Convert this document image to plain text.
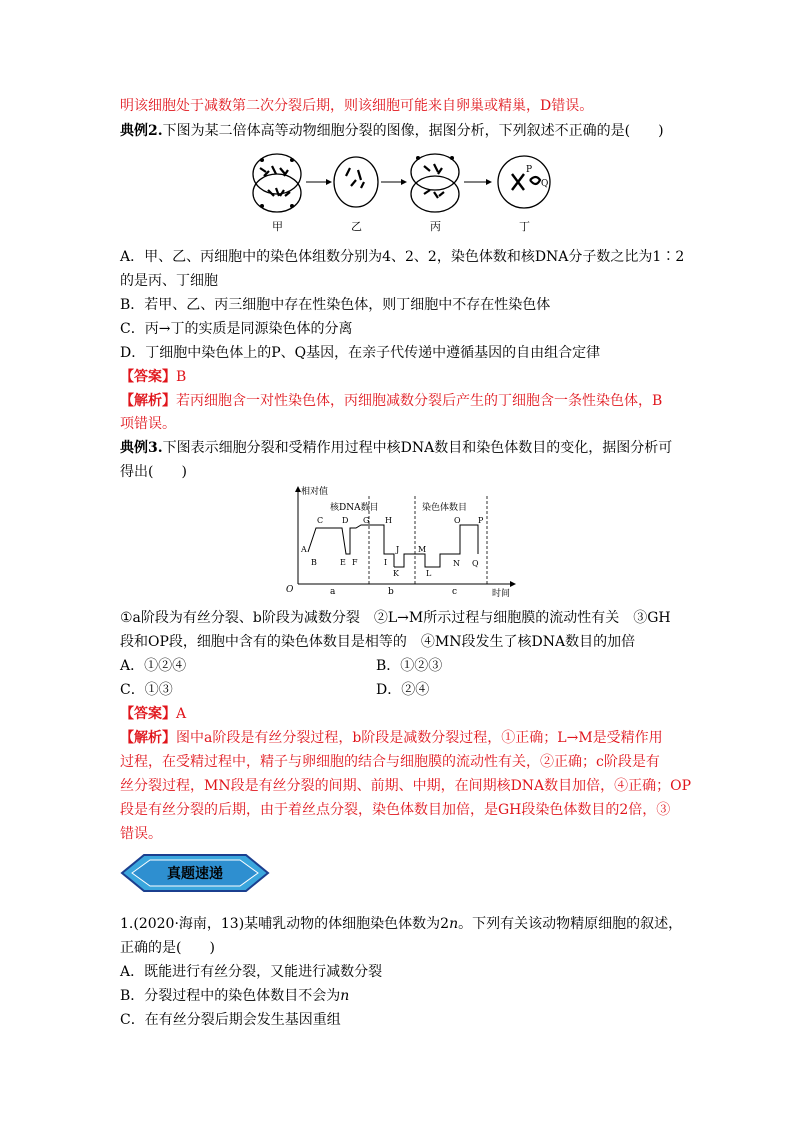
明该细胞处于减数第二次分裂后期，则该细胞可能来自卵巢或精巢，D错误。
典例2.下图为某二倍体高等动物细胞分裂的图像，据图分析，下列叙述不正确的是(　　)
甲	乙	丙
P
Q
丁
A．甲、乙、丙细胞中的染色体组数分别为4、2、2，染色体数和核DNA分子数之比为1∶2
的是丙、丁细胞
B．若甲、乙、丙三细胞中存在性染色体，则丁细胞中不存在性染色体
C．丙→丁的实质是同源染色体的分离
D．丁细胞中染色体上的P、Q基因，在亲子代传递中遵循基因的自由组合定律
【答案】B
【解析】若丙细胞含一对性染色体，丙细胞减数分裂后产生的丁细胞含一条性染色体，B
项错误。
典例3.下图表示细胞分裂和受精作用过程中核DNA数目和染色体数目的变化，据图分析可
得出(　　)
O
相对值
时间
核DNA数目	染色体数目
a	b	c
A
B
C D
E F
G H
I
J
K	L
M
N
O P
Q
①a阶段为有丝分裂、b阶段为减数分裂　②L→M所示过程与细胞膜的流动性有关　③GH
段和OP段，细胞中含有的染色体数目是相等的　④MN段发生了核DNA数目的加倍
A．①②④	B．①②③
C．①③	D．②④
【答案】A
【解析】图中a阶段是有丝分裂过程，b阶段是减数分裂过程，①正确；L→M是受精作用
过程，在受精过程中，精子与卵细胞的结合与细胞膜的流动性有关，②正确；c阶段是有
丝分裂过程，MN段是有丝分裂的间期、前期、中期，在间期核DNA数目加倍，④正确；OP
段是有丝分裂的后期，由于着丝点分裂，染色体数目加倍，是GH段染色体数目的2倍，③
错误。
真题速递
1.(2020·海南，13)某哺乳动物的体细胞染色体数为2n。下列有关该动物精原细胞的叙述，
正确的是(　　)
A．既能进行有丝分裂，又能进行减数分裂
B．分裂过程中的染色体数目不会为n
C．在有丝分裂后期会发生基因重组
